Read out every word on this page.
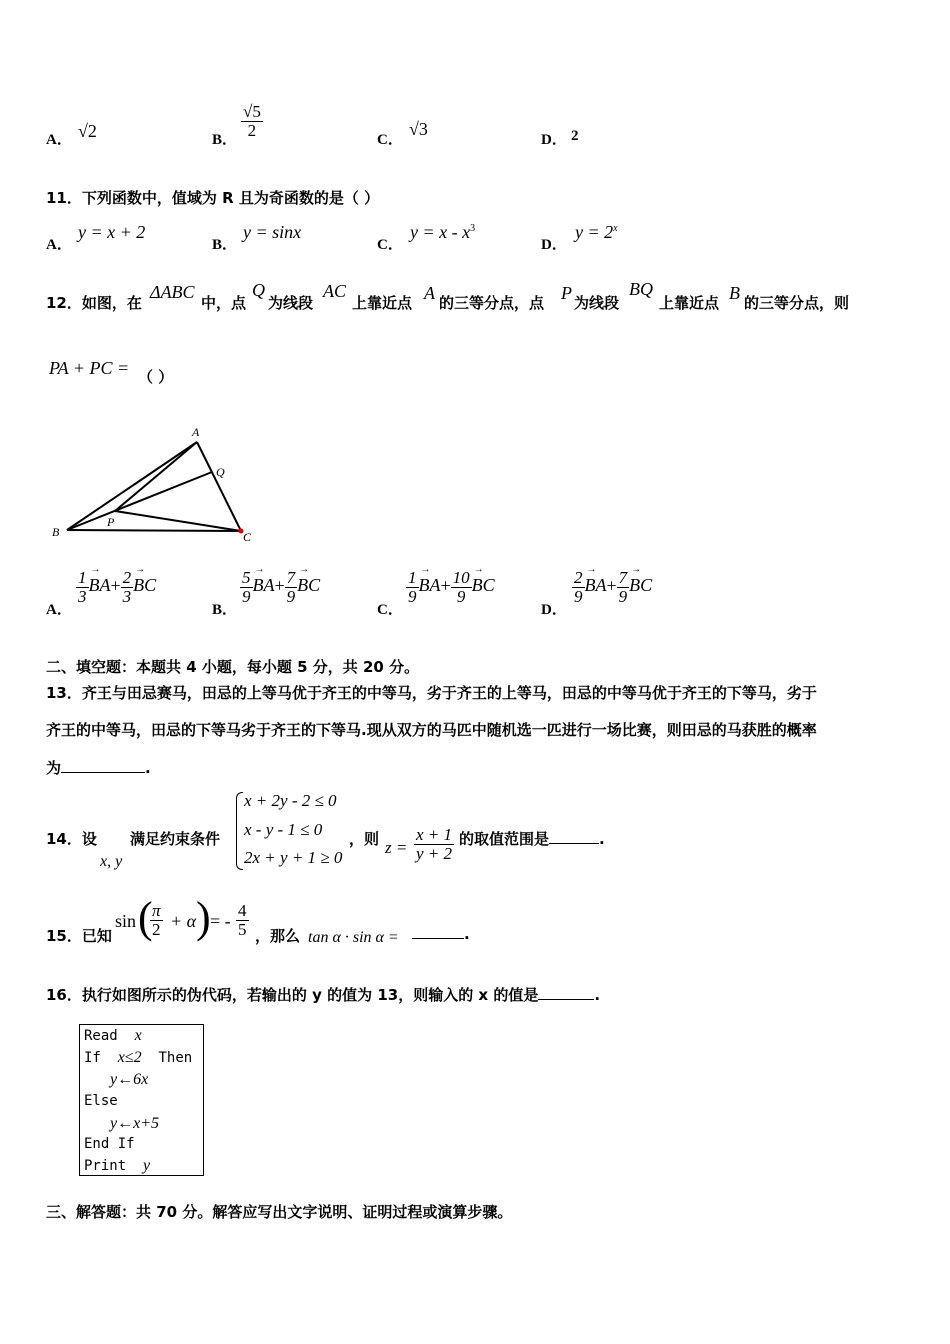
A． √2	B．
$\frac{√5}{2}$
C．
√3
D． 2
11．下列函数中，值域为 R 且为奇函数的是（ ）
A．
y = x + 2
B．
y = sinx
C．
$y = x - x^3$
D．
$y = 2^x$
12．如图，在
ΔABC
中，点
Q
为线段
AC
上靠近点 A 的三等分点，点 P 为线段
BQ
上靠近点 B 的三等分点，则
PA + PC = （ ）
A
B	C
P
Q
A．
$\frac{1}{3}$
→ $BA+ \frac{2}{3}$
→ BC
B．
$\frac{5}{9}$
→ $BA+ \frac{7}{9}$
→ BC
C．
$\frac{1}{9}$
→ $BA+ \frac{10}{9}$
→ BC
D．
$\frac{2}{9}$
→ $BA+ \frac{7}{9}$
→ BC
二、填空题：本题共 4 小题，每小题 5 分，共 20 分。
13．齐王与田忌赛马，田忌的上等马优于齐王的中等马，劣于齐王的上等马，田忌的中等马优于齐王的下等马，劣于
齐王的中等马，田忌的下等马劣于齐王的下等马.现从双方的马匹中随机选一匹进行一场比赛，则田忌的马获胜的概率
为	.
14．设
x, y
满足约束条件
x + 2y - 2 ≤ 0
x - y - 1 ≤ 0
2x + y + 1 ≥ 0
，则 $z = \frac{x + 1}{y + 2}$ 的取值范围是	.
15．已知
sin (
$\frac{\pi}{2} + \alpha$ ) = - $\frac{4}{5}$ ，那么 tan α · sin α =	.
16．执行如图所示的伪代码，若输出的 y 的值为 13，则输入的 x 的值是	.
Read x
If x≤2 Then
y←6x
Else
y←x+5
End If
Print y
三、解答题：共 70 分。解答应写出文字说明、证明过程或演算步骤。
